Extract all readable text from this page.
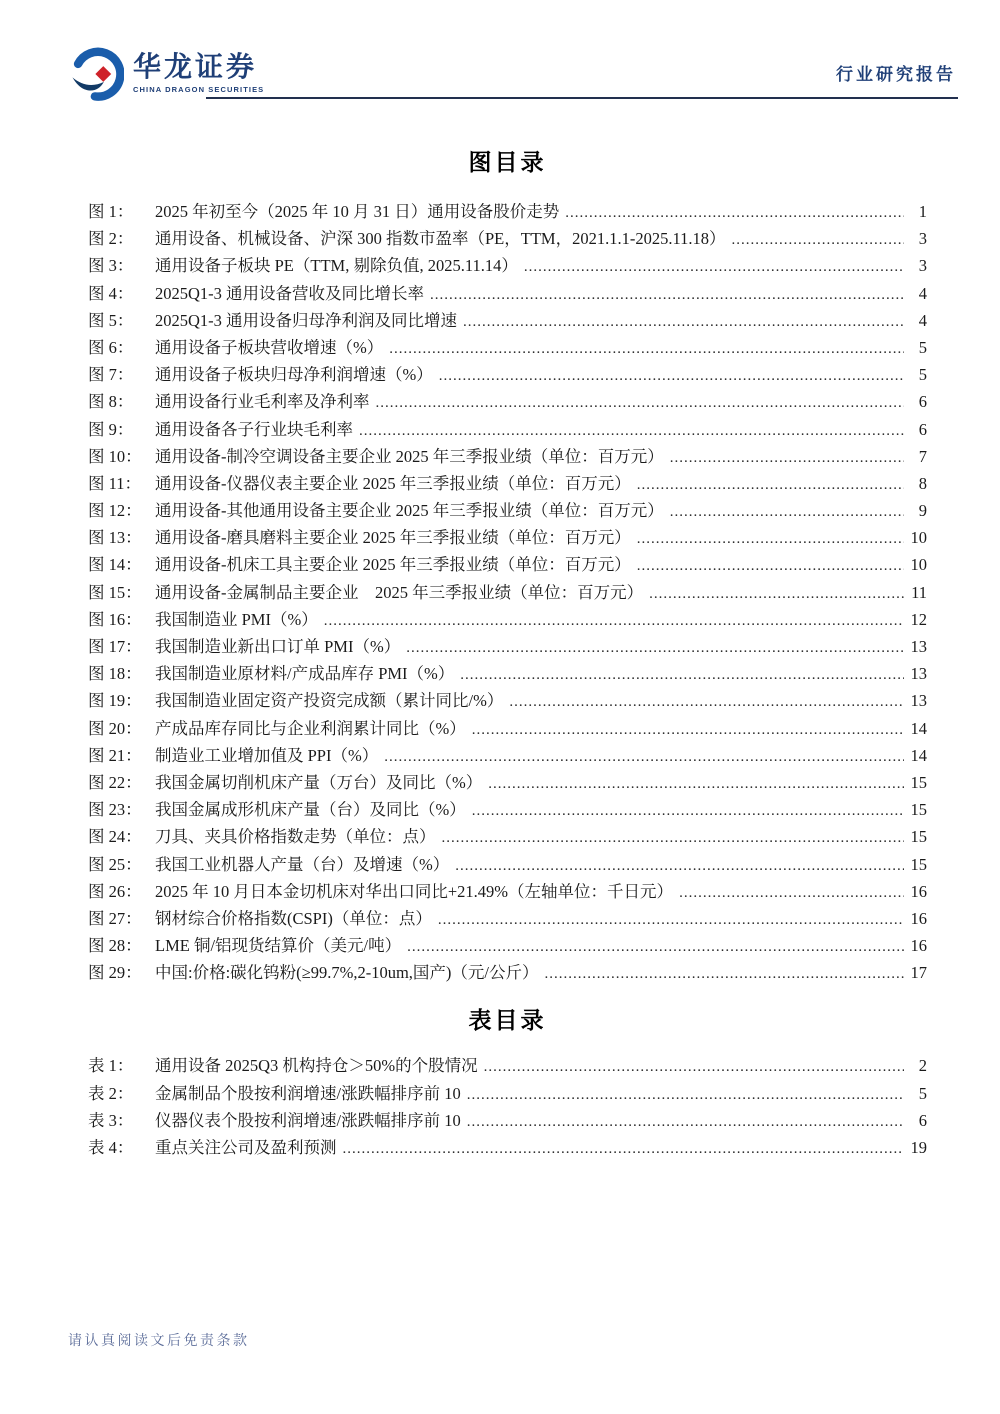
华龙证券
CHINA DRAGON SECURITIES
行业研究报告
图目录
图 1：	2025 年初至今（2025 年 10 月 31 日）通用设备股价走势 .....	1
图 2：	通用设备、机械设备、沪深 300 指数市盈率（PE，TTM，2021.1.1-2025.11.18） .....	3
图 3：	通用设备子板块 PE（TTM, 剔除负值, 2025.11.14） .....	3
图 4：	2025Q1-3 通用设备营收及同比增长率 .....	4
图 5：	2025Q1-3 通用设备归母净利润及同比增速 .....	4
图 6：	通用设备子板块营收增速（%） .....	5
图 7：	通用设备子板块归母净利润增速（%） .....	5
图 8：	通用设备行业毛利率及净利率 .....	6
图 9：	通用设备各子行业块毛利率 .....	6
图 10： 通用设备-制冷空调设备主要企业 2025 年三季报业绩（单位：百万元） .....	7
图 11： 通用设备-仪器仪表主要企业 2025 年三季报业绩（单位：百万元） .....	8
图 12： 通用设备-其他通用设备主要企业 2025 年三季报业绩（单位：百万元） .....	9
图 13： 通用设备-磨具磨料主要企业 2025 年三季报业绩（单位：百万元） .....	10
图 14： 通用设备-机床工具主要企业 2025 年三季报业绩（单位：百万元） .....	10
图 15： 通用设备-金属制品主要企业　2025 年三季报业绩（单位：百万元） .....	11
图 16： 我国制造业 PMI（%） .....	12
图 17： 我国制造业新出口订单 PMI（%） .....	13
图 18： 我国制造业原材料/产成品库存 PMI（%） .....	13
图 19： 我国制造业固定资产投资完成额（累计同比/%） .....	13
图 20： 产成品库存同比与企业利润累计同比（%） .....	14
图 21： 制造业工业增加值及 PPI（%） .....	14
图 22： 我国金属切削机床产量（万台）及同比（%） .....	15
图 23： 我国金属成形机床产量（台）及同比（%） .....	15
图 24： 刀具、夹具价格指数走势（单位：点） .....	15
图 25： 我国工业机器人产量（台）及增速（%） .....	15
图 26： 2025 年 10 月日本金切机床对华出口同比+21.49%（左轴单位：千日元） .....	16
图 27： 钢材综合价格指数(CSPI)（单位：点） .....	16
图 28： LME 铜/铝现货结算价（美元/吨） .....	16
图 29： 中国:价格:碳化钨粉(≥99.7%,2-10um,国产)（元/公斤） .....	17
表目录
表 1：	通用设备 2025Q3 机构持仓＞50%的个股情况 .....	2
表 2：	金属制品个股按利润增速/涨跌幅排序前 10 .....	5
表 3：	仪器仪表个股按利润增速/涨跌幅排序前 10 .....	6
表 4：	重点关注公司及盈利预测 .....	19
请认真阅读文后免责条款
